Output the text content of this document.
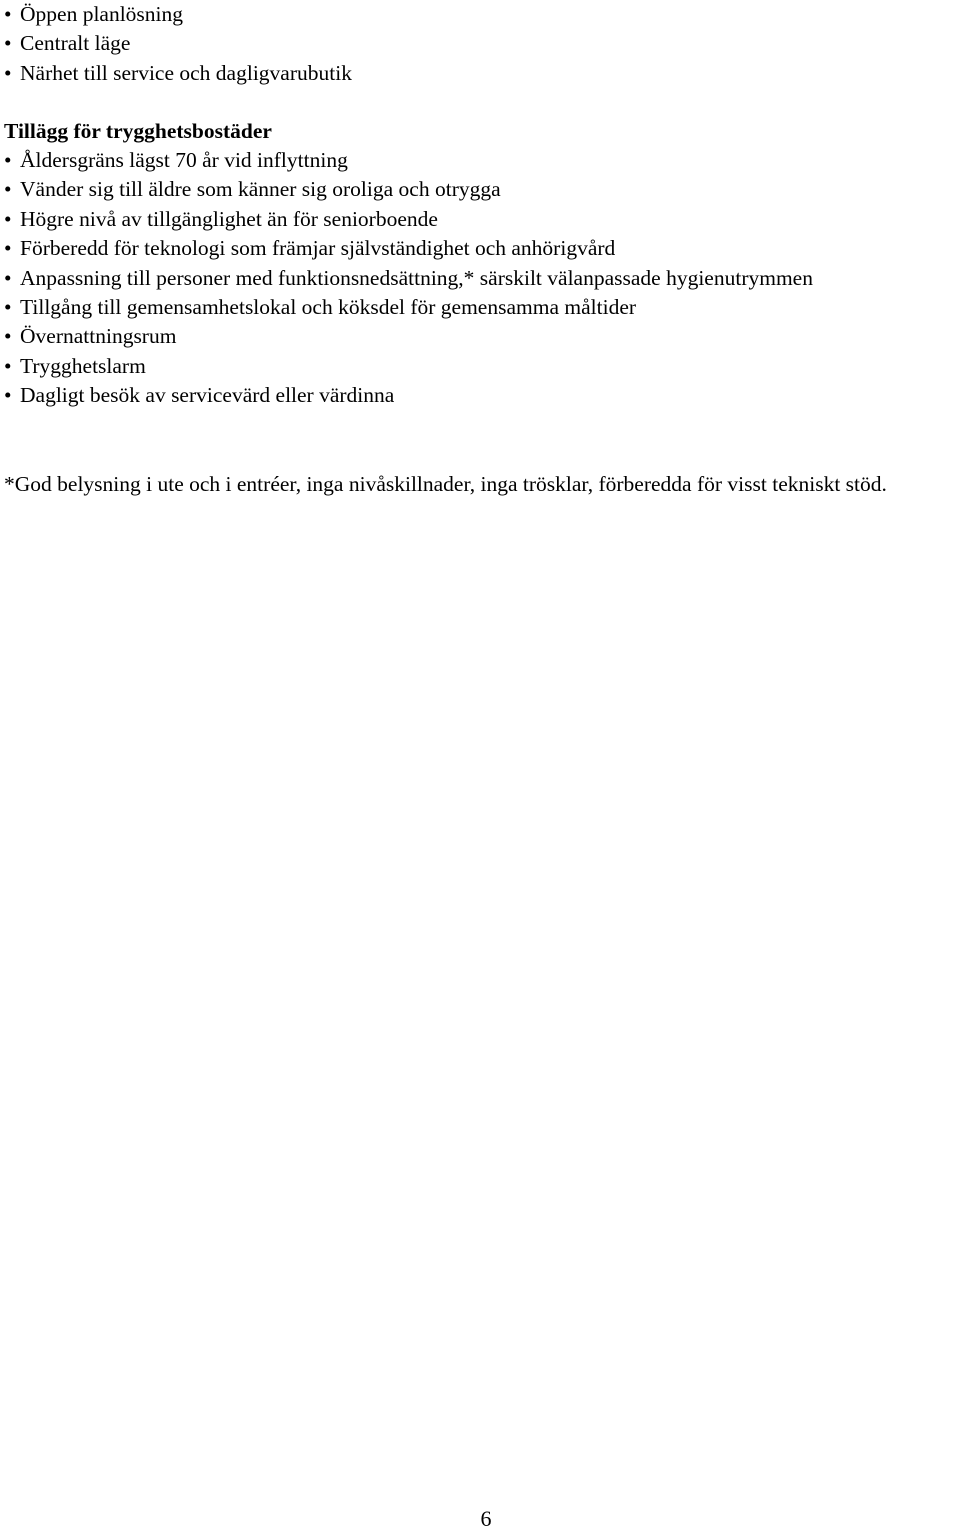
• Öppen planlösning
• Centralt läge
• Närhet till service och dagligvarubutik
Tillägg för trygghetsbostäder
• Åldersgräns lägst 70 år vid inflyttning
• Vänder sig till äldre som känner sig oroliga och otrygga
• Högre nivå av tillgänglighet än för seniorboende
• Förberedd för teknologi som främjar självständighet och anhörigvård
• Anpassning till personer med funktionsnedsättning,* särskilt välanpassade hygienutrymmen
• Tillgång till gemensamhetslokal och köksdel för gemensamma måltider
• Övernattningsrum
• Trygghetslarm
• Dagligt besök av servicevärd eller värdinna

*God belysning i ute och i entréer, inga nivåskillnader, inga trösklar, förberedda för visst tekniskt stöd.

6
